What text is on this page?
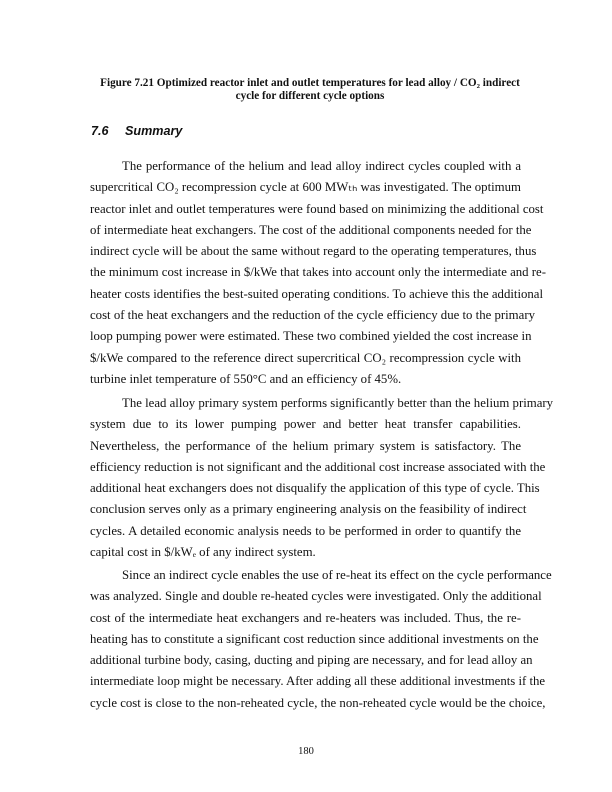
Figure 7.21 Optimized reactor inlet and outlet temperatures for lead alloy / CO₂ indirect
cycle for different cycle options
7.6 Summary
The performance of the helium and lead alloy indirect cycles coupled with a
supercritical CO₂ recompression cycle at 600 MWₜₕ was investigated. The optimum
reactor inlet and outlet temperatures were found based on minimizing the additional cost
of intermediate heat exchangers. The cost of the additional components needed for the
indirect cycle will be about the same without regard to the operating temperatures, thus
the minimum cost increase in $/kWe that takes into account only the intermediate and re-
heater costs identifies the best-suited operating conditions. To achieve this the additional
cost of the heat exchangers and the reduction of the cycle efficiency due to the primary
loop pumping power were estimated. These two combined yielded the cost increase in
$/kWe compared to the reference direct supercritical CO₂ recompression cycle with
turbine inlet temperature of 550°C and an efficiency of 45%.
The lead alloy primary system performs significantly better than the helium primary
system due to its lower pumping power and better heat transfer capabilities.
Nevertheless, the performance of the helium primary system is satisfactory. The
efficiency reduction is not significant and the additional cost increase associated with the
additional heat exchangers does not disqualify the application of this type of cycle. This
conclusion serves only as a primary engineering analysis on the feasibility of indirect
cycles. A detailed economic analysis needs to be performed in order to quantify the
capital cost in $/kWₑ of any indirect system.
Since an indirect cycle enables the use of re-heat its effect on the cycle performance
was analyzed. Single and double re-heated cycles were investigated. Only the additional
cost of the intermediate heat exchangers and re-heaters was included. Thus, the re-
heating has to constitute a significant cost reduction since additional investments on the
additional turbine body, casing, ducting and piping are necessary, and for lead alloy an
intermediate loop might be necessary. After adding all these additional investments if the
cycle cost is close to the non-reheated cycle, the non-reheated cycle would be the choice,
180
